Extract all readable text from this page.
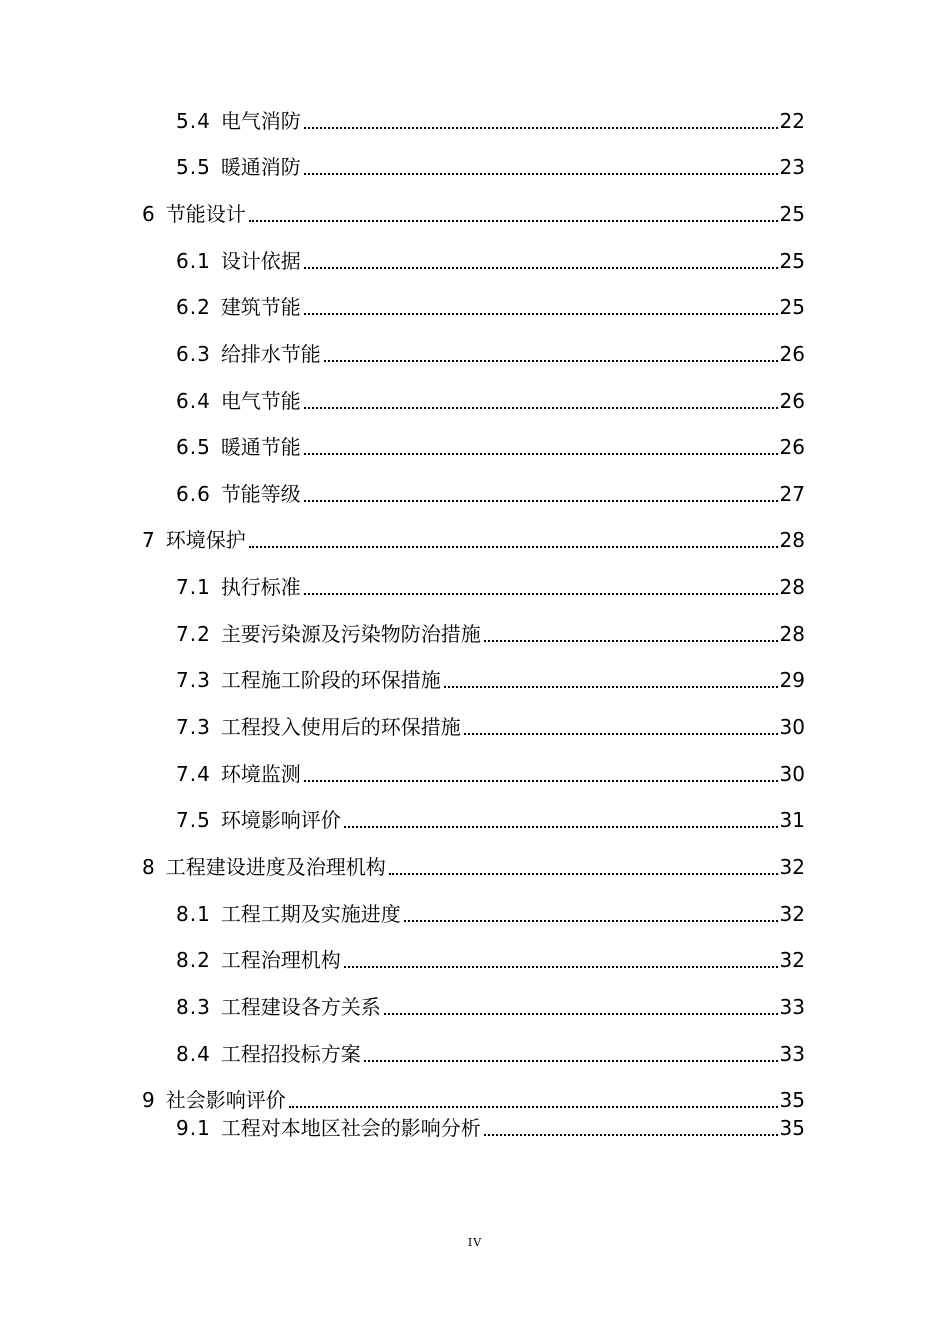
5.4 电气消防	22
5.5 暖通消防	23
6 节能设计	25
6.1 设计依据	25
6.2 建筑节能	25
6.3 给排水节能	26
6.4 电气节能	26
6.5 暖通节能	26
6.6 节能等级	27
7 环境保护	28
7.1 执行标准	28
7.2 主要污染源及污染物防治措施	28
7.3 工程施工阶段的环保措施	29
7.3 工程投入使用后的环保措施	30
7.4 环境监测	30
7.5 环境影响评价	31
8 工程建设进度及治理机构	32
8.1 工程工期及实施进度	32
8.2 工程治理机构	32
8.3 工程建设各方关系	33
8.4 工程招投标方案	33
9 社会影响评价	35
9.1 工程对本地区社会的影响分析	35
IV
